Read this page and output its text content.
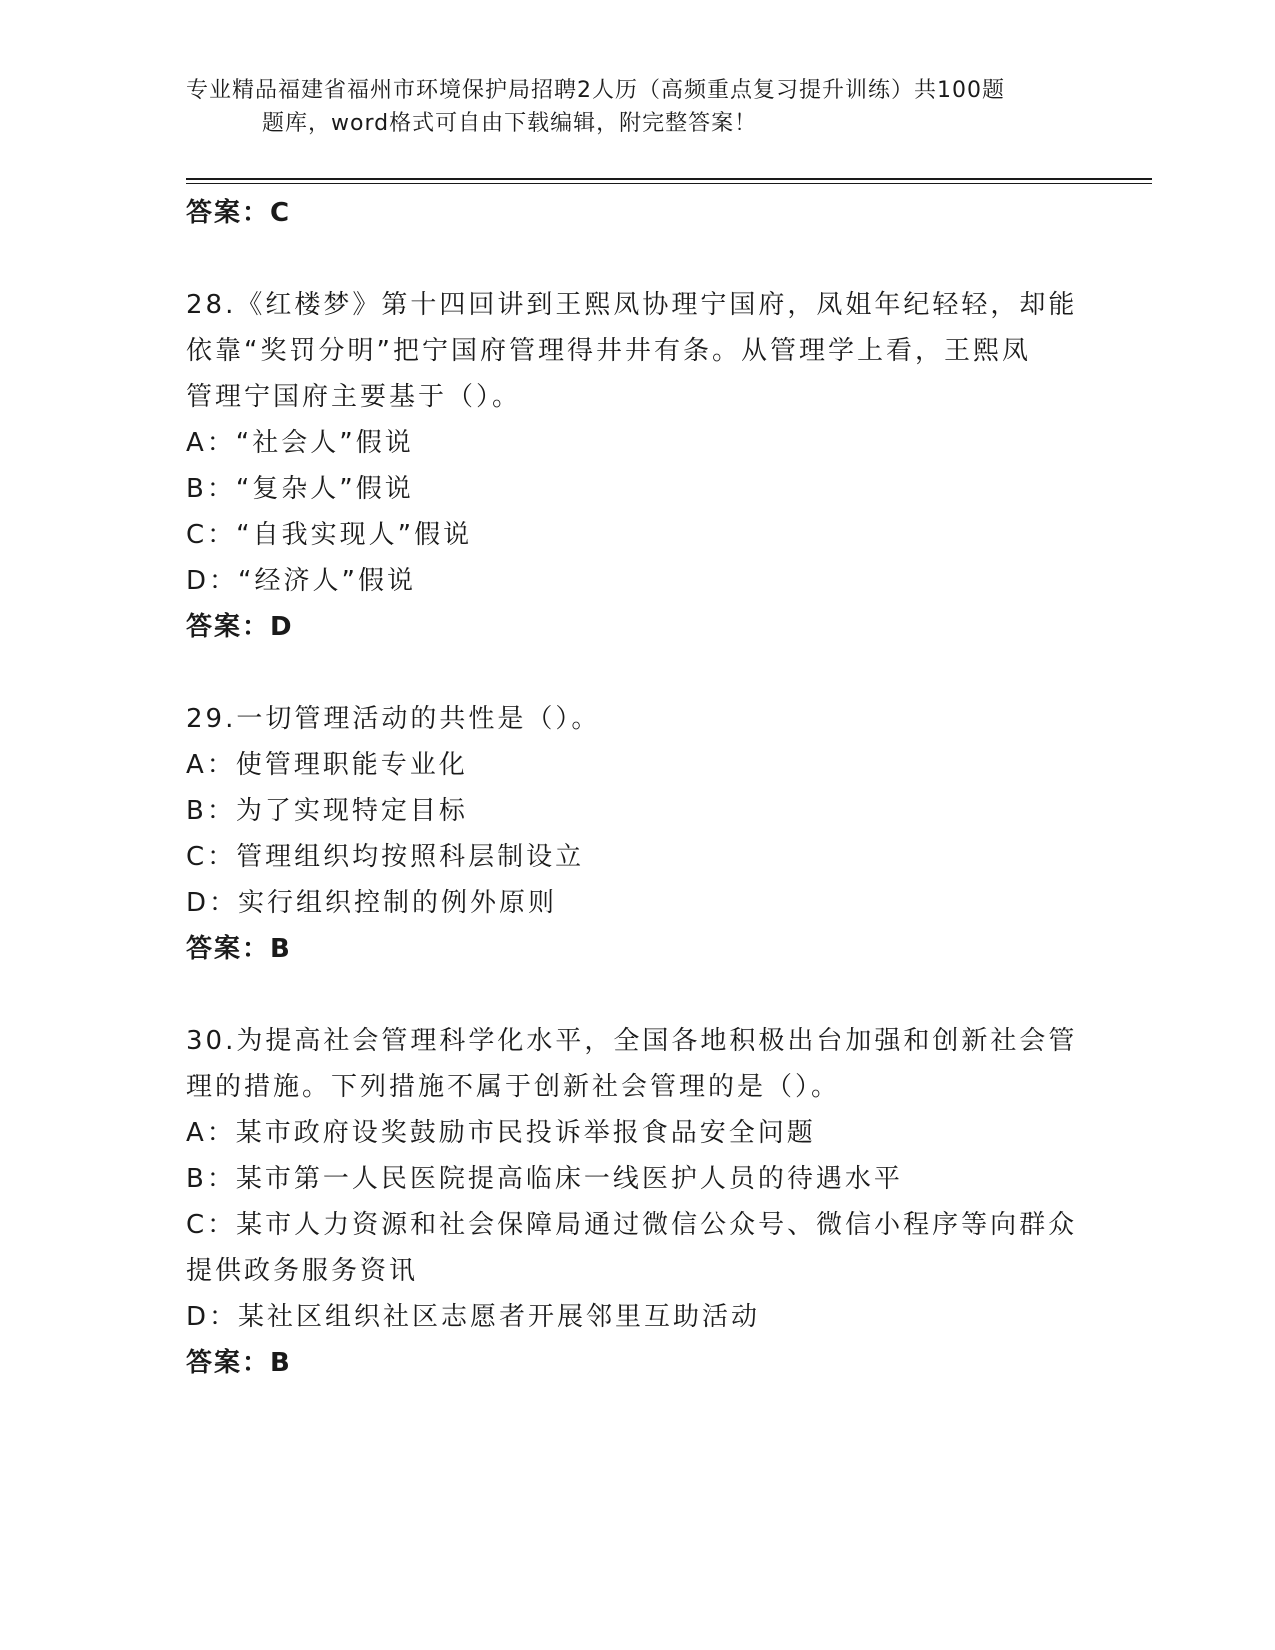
专业精品福建省福州市环境保护局招聘2人历（高频重点复习提升训练）共100题
题库，word格式可自由下载编辑，附完整答案！
答案：C
28.《红楼梦》第十四回讲到王熙凤协理宁国府，凤姐年纪轻轻，却能
依靠“奖罚分明”把宁国府管理得井井有条。从管理学上看，王熙凤
管理宁国府主要基于（）。
A：“社会人”假说
B：“复杂人”假说
C：“自我实现人”假说
D：“经济人”假说
答案：D
29.一切管理活动的共性是（）。
A：使管理职能专业化
B：为了实现特定目标
C：管理组织均按照科层制设立
D：实行组织控制的例外原则
答案：B
30.为提高社会管理科学化水平，全国各地积极出台加强和创新社会管
理的措施。下列措施不属于创新社会管理的是（）。
A：某市政府设奖鼓励市民投诉举报食品安全问题
B：某市第一人民医院提高临床一线医护人员的待遇水平
C：某市人力资源和社会保障局通过微信公众号、微信小程序等向群众
提供政务服务资讯
D：某社区组织社区志愿者开展邻里互助活动
答案：B
